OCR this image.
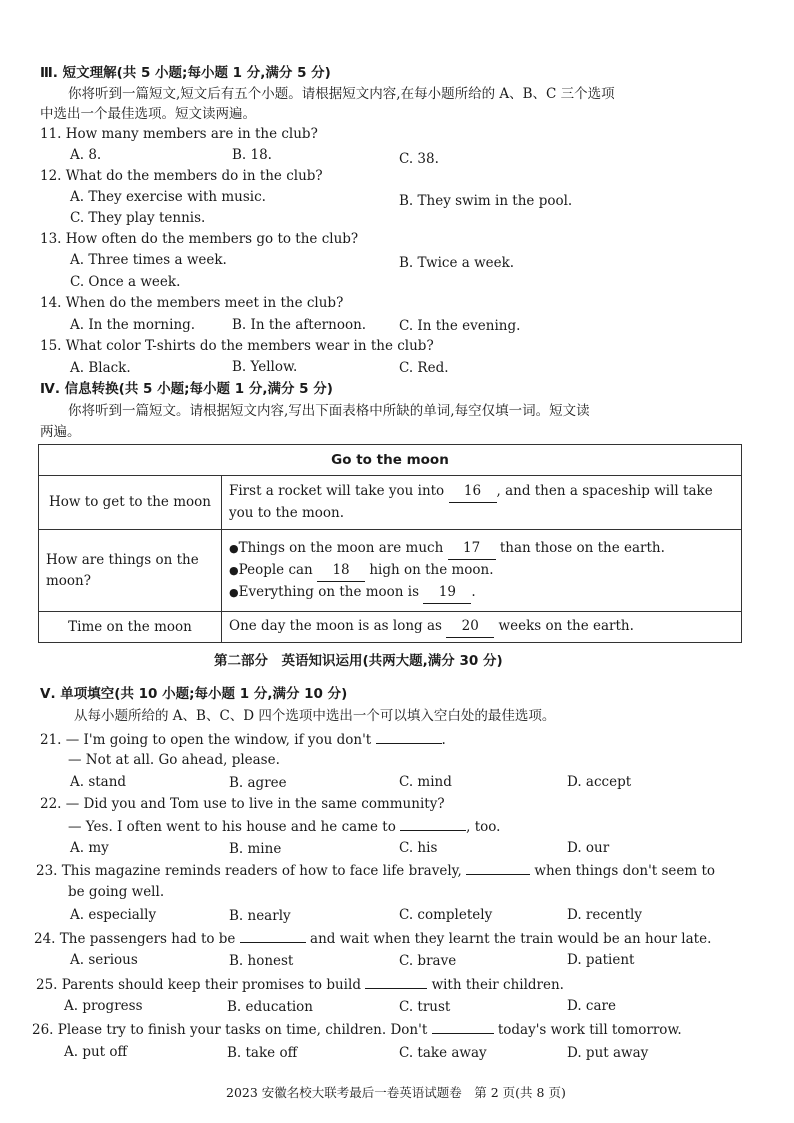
Ⅲ. 短文理解(共 5 小题;每小题 1 分,满分 5 分)
你将听到一篇短文,短文后有五个小题。请根据短文内容,在每小题所给的 A、B、C 三个选项
中选出一个最佳选项。短文读两遍。
11. How many members are in the club?
A. 8.	B. 18.	C. 38.
12. What do the members do in the club?
A. They exercise with music.	B. They swim in the pool.
C. They play tennis.
13. How often do the members go to the club?
A. Three times a week.	B. Twice a week.
C. Once a week.
14. When do the members meet in the club?
A. In the morning.	B. In the afternoon. C. In the evening.
15. What color T-shirts do the members wear in the club?
A. Black.	B. Yellow.	C. Red.
Ⅳ. 信息转换(共 5 小题;每小题 1 分,满分 5 分)
你将听到一篇短文。请根据短文内容,写出下面表格中所缺的单词,每空仅填一词。短文读
两遍。
Go to the moon	
How to get to the moon	First a rocket will take you into 16 , and then a spaceship will take
you to the moon.
How are things on the
moon?	●Things on the moon are much 17 than those on the earth.
●People can 18 high on the moon.
●Everything on the moon is 19 .
Time on the moon	One day the moon is as long as 20 weeks on the earth.
第二部分　英语知识运用(共两大题,满分 30 分)
Ⅴ. 单项填空(共 10 小题;每小题 1 分,满分 10 分)
从每小题所给的 A、B、C、D 四个选项中选出一个可以填入空白处的最佳选项。
21. — I'm going to open the window, if you don't	.
— Not at all. Go ahead, please.
A. stand	B. agree	C. mind	D. accept
22. — Did you and Tom use to live in the same community?
— Yes. I often went to his house and he came to	, too.
A. my	B. mine	C. his	D. our
23. This magazine reminds readers of how to face life bravely,	when things don't seem to
be going well.
A. especially	B. nearly	C. completely	D. recently
24. The passengers had to be	and wait when they learnt the train would be an hour late.
A. serious	B. honest	C. brave	D. patient
25. Parents should keep their promises to build	with their children.
A. progress	B. education	C. trust	D. care
26. Please try to finish your tasks on time, children. Don't	today's work till tomorrow.
A. put off	B. take off	C. take away	D. put away
2023 安徽名校大联考最后一卷英语试题卷　第 2 页(共 8 页)
